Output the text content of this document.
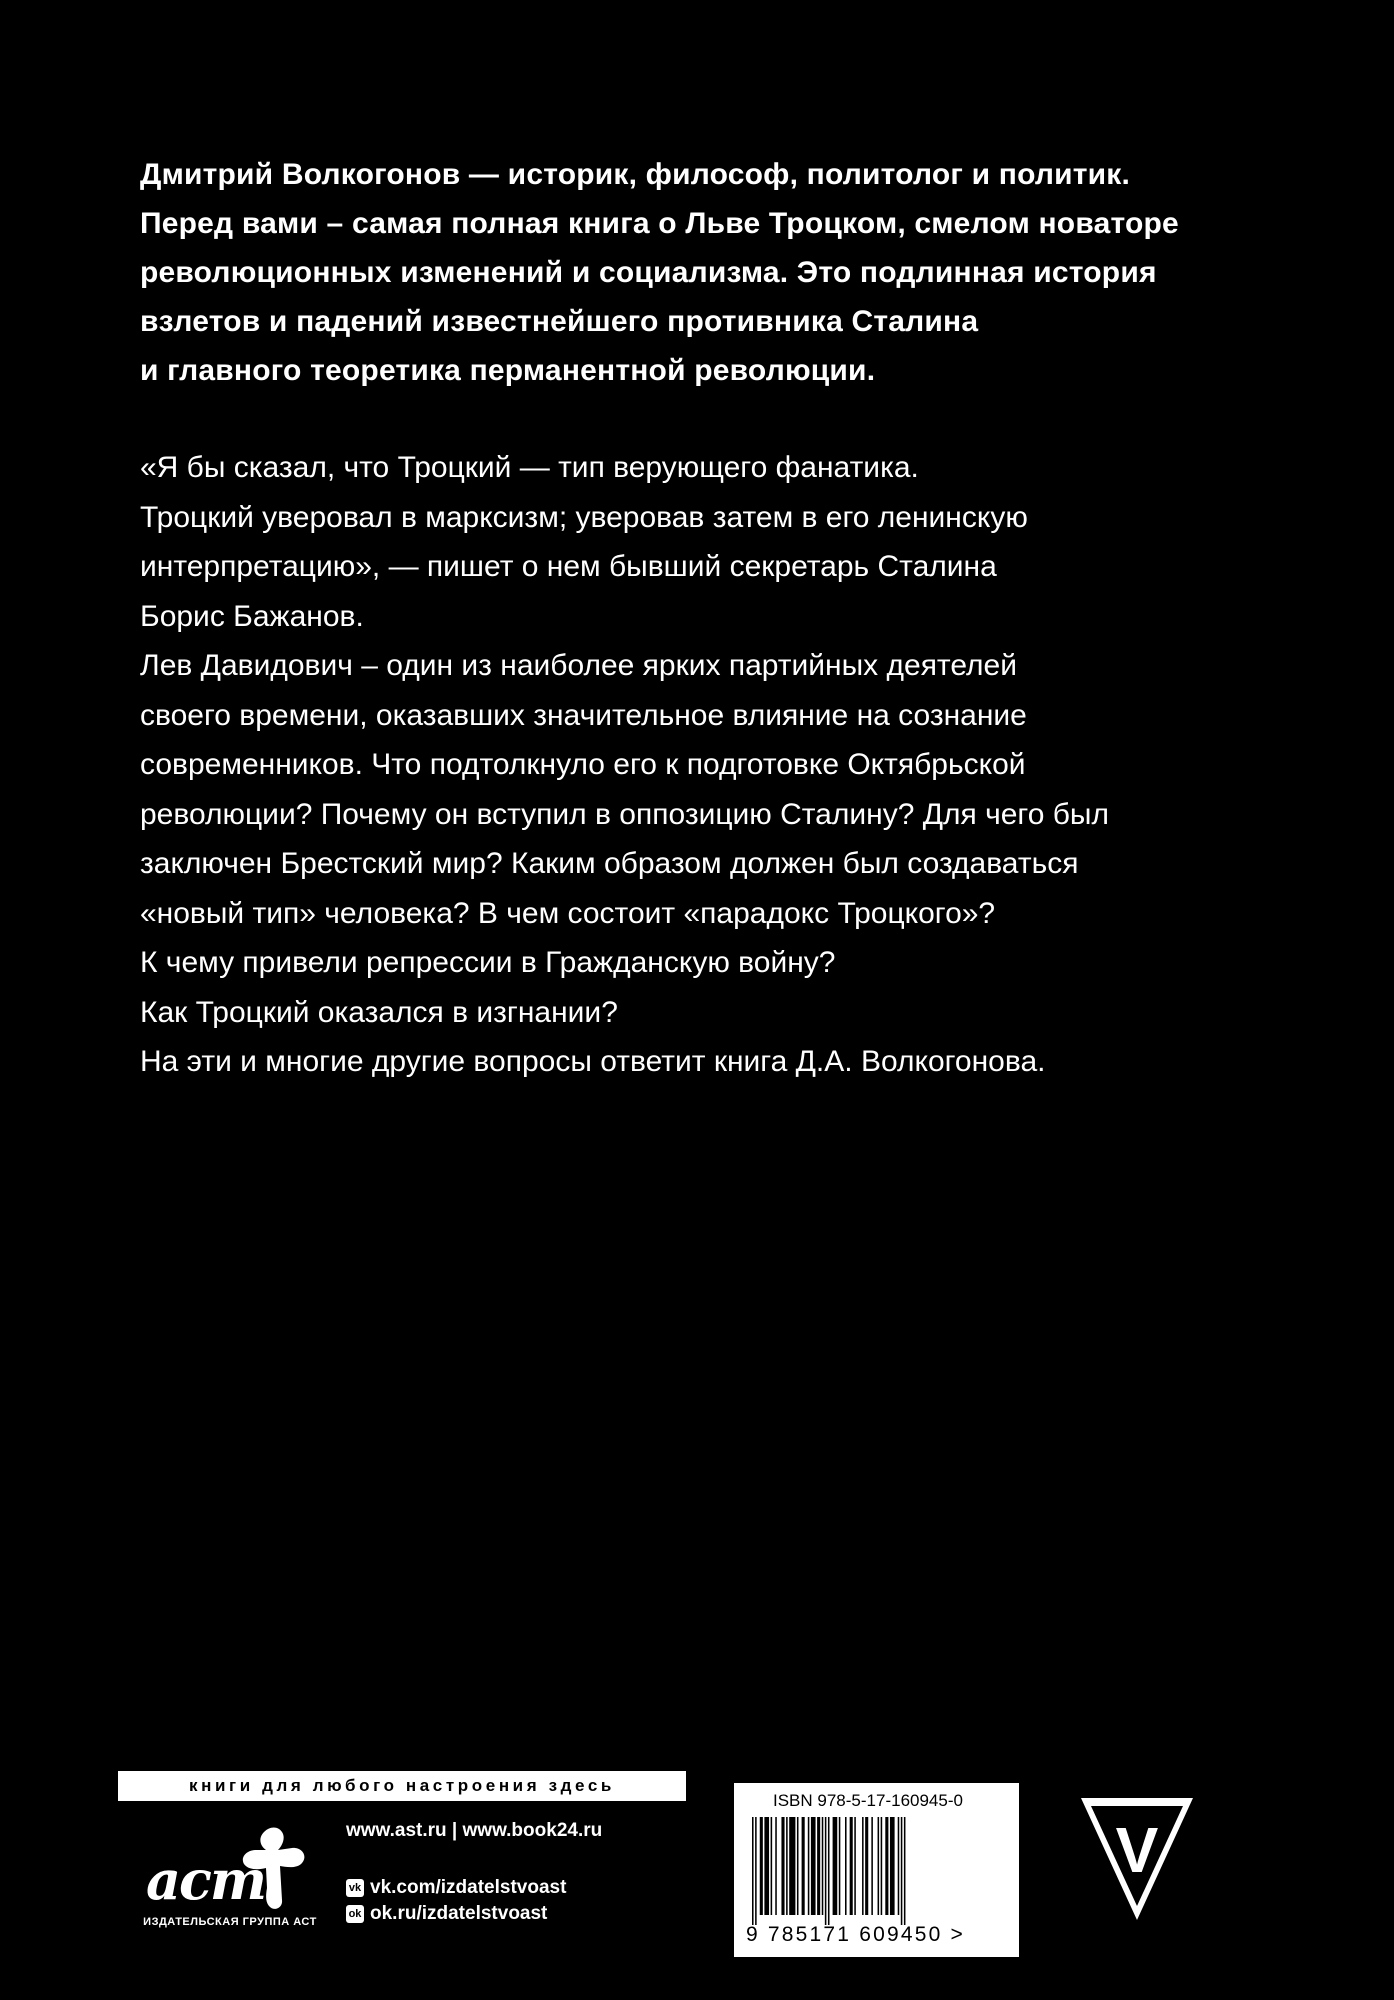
Дмитрий Волкогонов — историк, философ, политолог и политик.
Перед вами – самая полная книга о Льве Троцком, смелом новаторе
революционных изменений и социализма. Это подлинная история
взлетов и падений известнейшего противника Сталина
и главного теоретика перманентной революции.

«Я бы сказал, что Троцкий — тип верующего фанатика.
Троцкий уверовал в марксизм; уверовав затем в его ленинскую
интерпретацию», — пишет о нем бывший секретарь Сталина
Борис Бажанов.
Лев Давидович – один из наиболее ярких партийных деятелей
своего времени, оказавших значительное влияние на сознание
современников. Что подтолкнуло его к подготовке Октябрьской
революции? Почему он вступил в оппозицию Сталину? Для чего был
заключен Брестский мир? Каким образом должен был создаваться
«новый тип» человека? В чем состоит «парадокс Троцкого»?
К чему привели репрессии в Гражданскую войну?
Как Троцкий оказался в изгнании?
На эти и многие другие вопросы ответит книга Д.А. Волкогонова.

книги для любого настроения здесь
аст
ИЗДАТЕЛЬСКАЯ ГРУППА АСТ
www.ast.ru | www.book24.ru
vk vk.com/izdatelstvoast
ok ok.ru/izdatelstvoast
ISBN 978-5-17-160945-0
9 785171 609450 >
V
